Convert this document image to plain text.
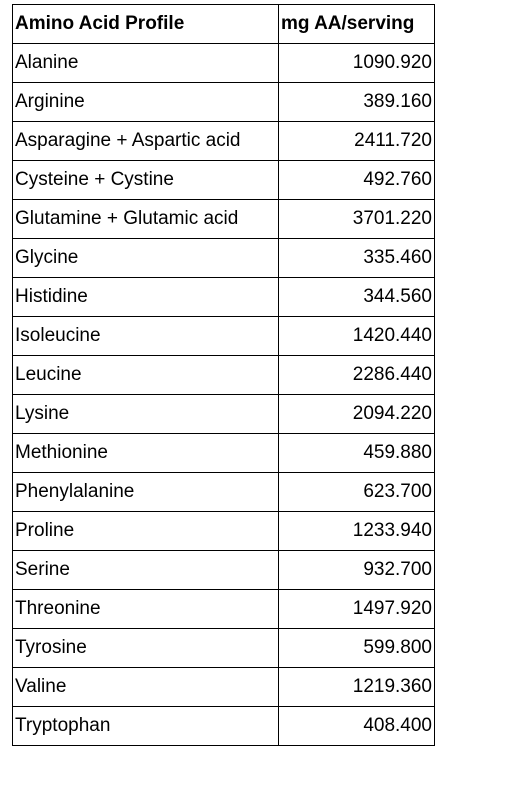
Amino Acid Profile	mg AA/serving
Alanine	1090.920
Arginine	389.160
Asparagine + Aspartic acid	2411.720
Cysteine + Cystine	492.760
Glutamine + Glutamic acid	3701.220
Glycine	335.460
Histidine	344.560
Isoleucine	1420.440
Leucine	2286.440
Lysine	2094.220
Methionine	459.880
Phenylalanine	623.700
Proline	1233.940
Serine	932.700
Threonine	1497.920
Tyrosine	599.800
Valine	1219.360
Tryptophan	408.400
